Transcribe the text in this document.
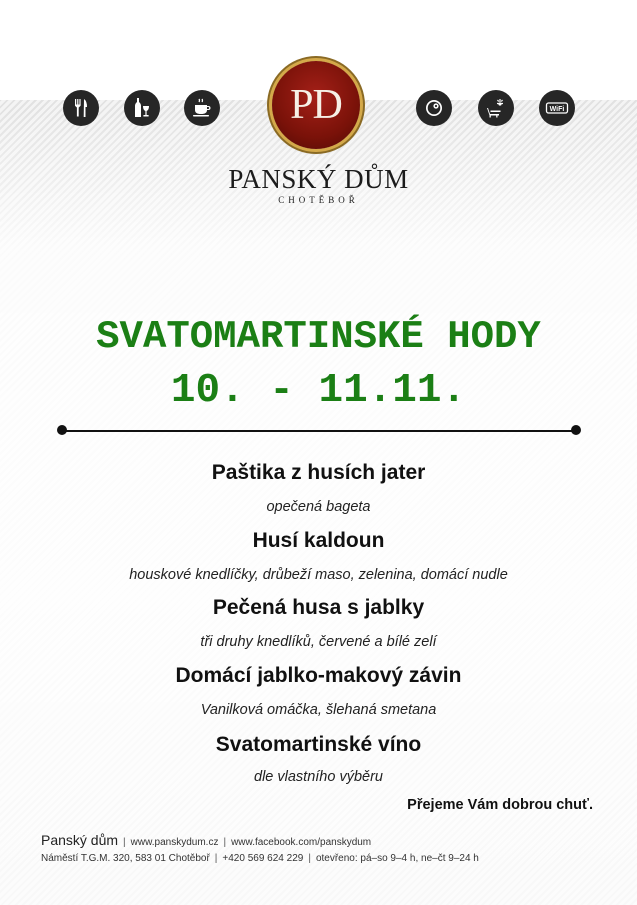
PD
PANSKÝ DŮM
CHOTĚBOŘ
WiFi
SVATOMARTINSKÉ HODY
10. - 11.11.
Paštika z husích jater
opečená bageta
Husí kaldoun
houskové knedlíčky, drůbeží maso, zelenina, domácí nudle
Pečená husa s jablky
tři druhy knedlíků, červené a bílé zelí
Domácí jablko-makový závin
Vanilková omáčka, šlehaná smetana
Svatomartinské víno
dle vlastního výběru
Přejeme Vám dobrou chuť.
Panský dům | www.panskydum.cz | www.facebook.com/panskydum
Náměstí T.G.M. 320, 583 01 Chotěboř | +420 569 624 229 | otevřeno: pá–so 9–4 h, ne–čt 9–24 h
